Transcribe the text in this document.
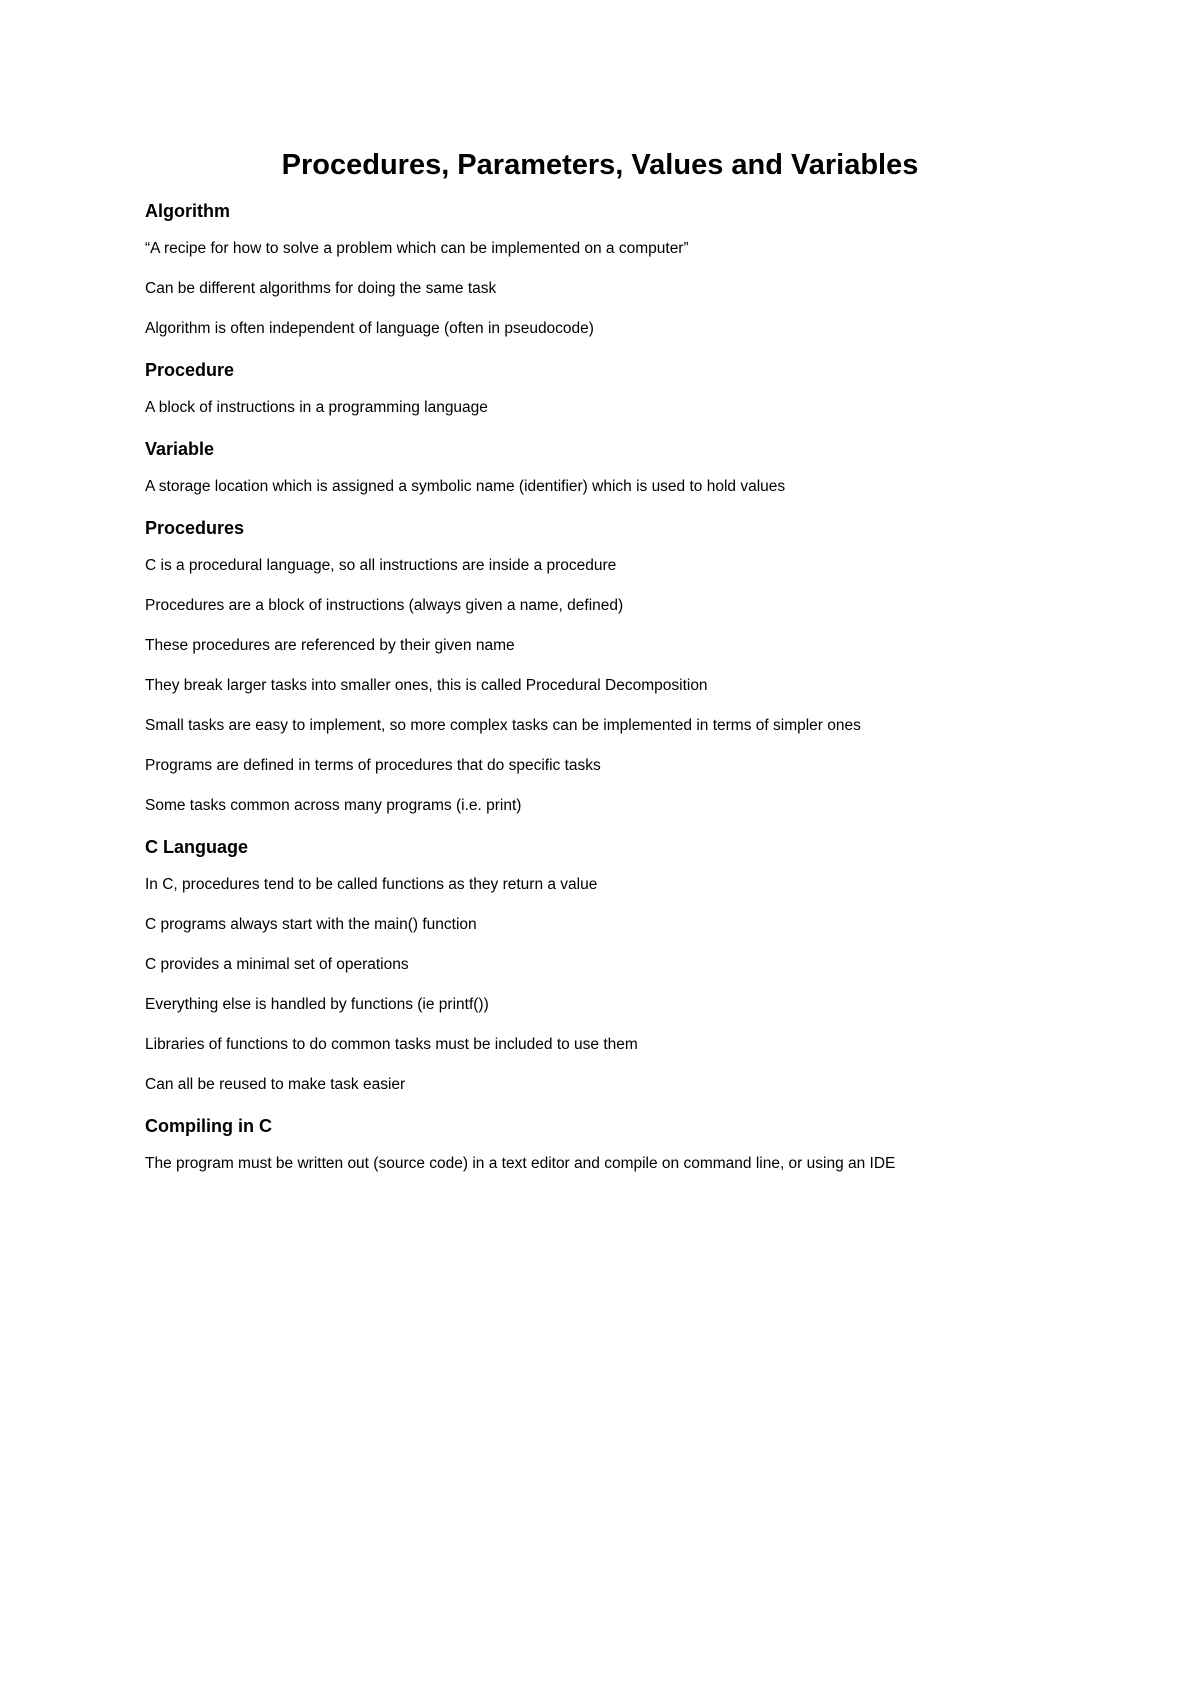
Procedures, Parameters, Values and Variables
Algorithm

“A recipe for how to solve a problem which can be implemented on a computer”

Can be different algorithms for doing the same task

Algorithm is often independent of language (often in pseudocode)

Procedure

A block of instructions in a programming language

Variable

A storage location which is assigned a symbolic name (identifier) which is used to hold values

Procedures

C is a procedural language, so all instructions are inside a procedure

Procedures are a block of instructions (always given a name, defined)

These procedures are referenced by their given name

They break larger tasks into smaller ones, this is called Procedural Decomposition

Small tasks are easy to implement, so more complex tasks can be implemented in terms of simpler ones

Programs are defined in terms of procedures that do specific tasks

Some tasks common across many programs (i.e. print)

C Language

In C, procedures tend to be called functions as they return a value

C programs always start with the main() function

C provides a minimal set of operations

Everything else is handled by functions (ie printf())

Libraries of functions to do common tasks must be included to use them

Can all be reused to make task easier

Compiling in C

The program must be written out (source code) in a text editor and compile on command line, or using an IDE
